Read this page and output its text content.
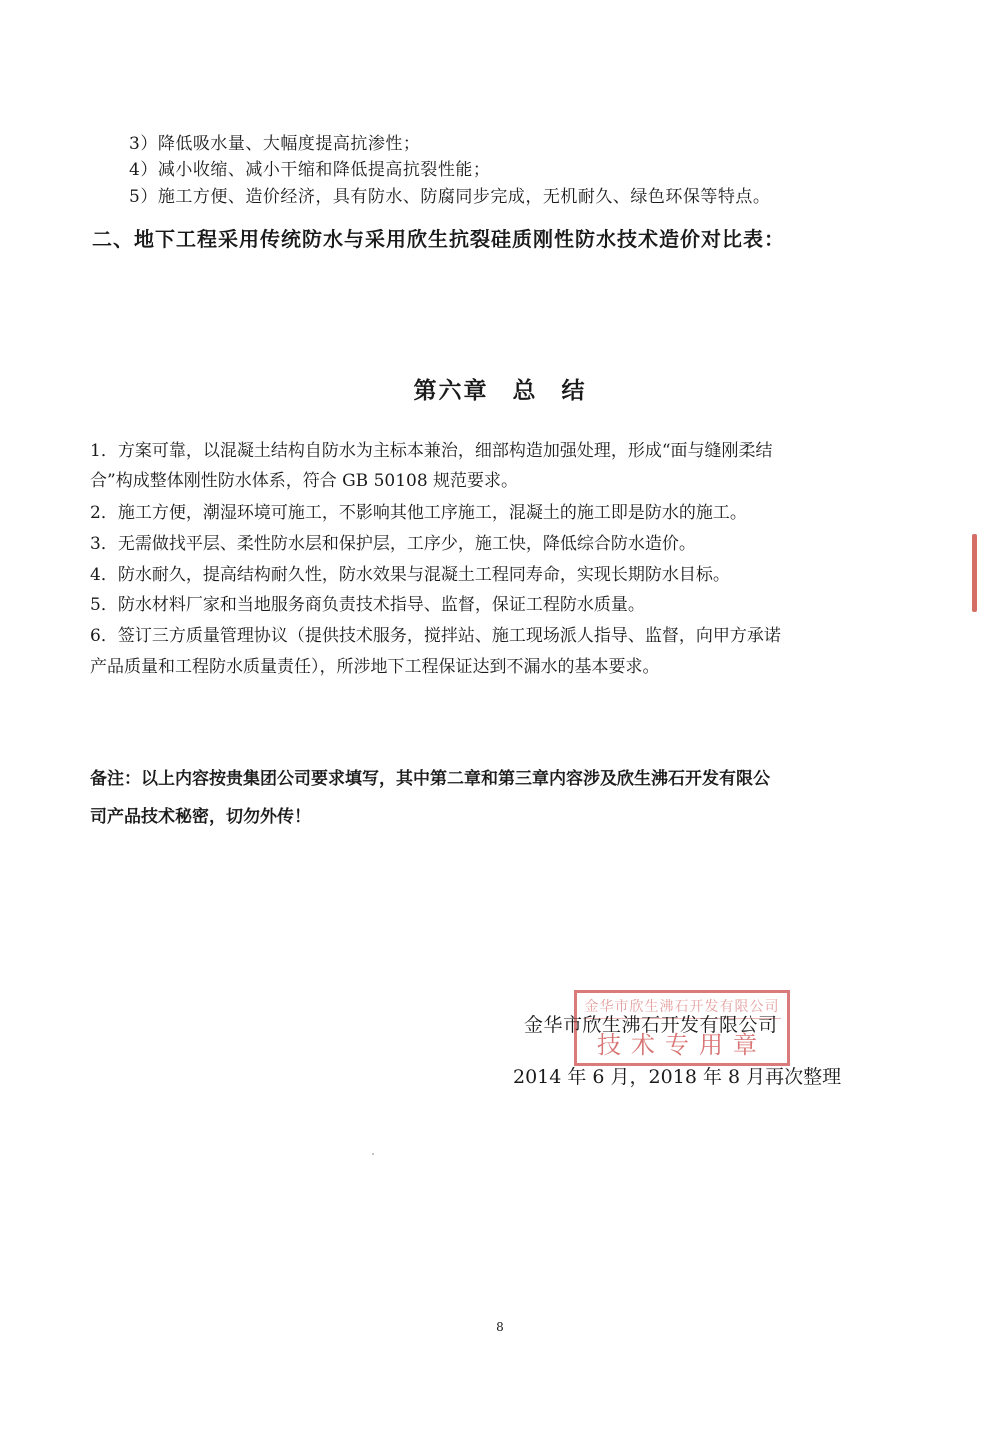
3）降低吸水量、大幅度提高抗渗性；
4）减小收缩、减小干缩和降低提高抗裂性能；
5）施工方便、造价经济，具有防水、防腐同步完成，无机耐久、绿色环保等特点。
二、地下工程采用传统防水与采用欣生抗裂硅质刚性防水技术造价对比表：
第六章 总 结
1．方案可靠，以混凝土结构自防水为主标本兼治，细部构造加强处理，形成“面与缝刚柔结
合”构成整体刚性防水体系，符合 GB 50108 规范要求。
2．施工方便，潮湿环境可施工，不影响其他工序施工，混凝土的施工即是防水的施工。
3．无需做找平层、柔性防水层和保护层，工序少，施工快，降低综合防水造价。
4．防水耐久，提高结构耐久性，防水效果与混凝土工程同寿命，实现长期防水目标。
5．防水材料厂家和当地服务商负责技术指导、监督，保证工程防水质量。
6．签订三方质量管理协议（提供技术服务，搅拌站、施工现场派人指导、监督，向甲方承诺
产品质量和工程防水质量责任），所涉地下工程保证达到不漏水的基本要求。
备注：以上内容按贵集团公司要求填写，其中第二章和第三章内容涉及欣生沸石开发有限公
司产品技术秘密，切勿外传！
金华市欣生沸石开发有限公司
技术专用章
金华市欣生沸石开发有限公司
2014 年 6 月，2018 年 8 月再次整理
8
